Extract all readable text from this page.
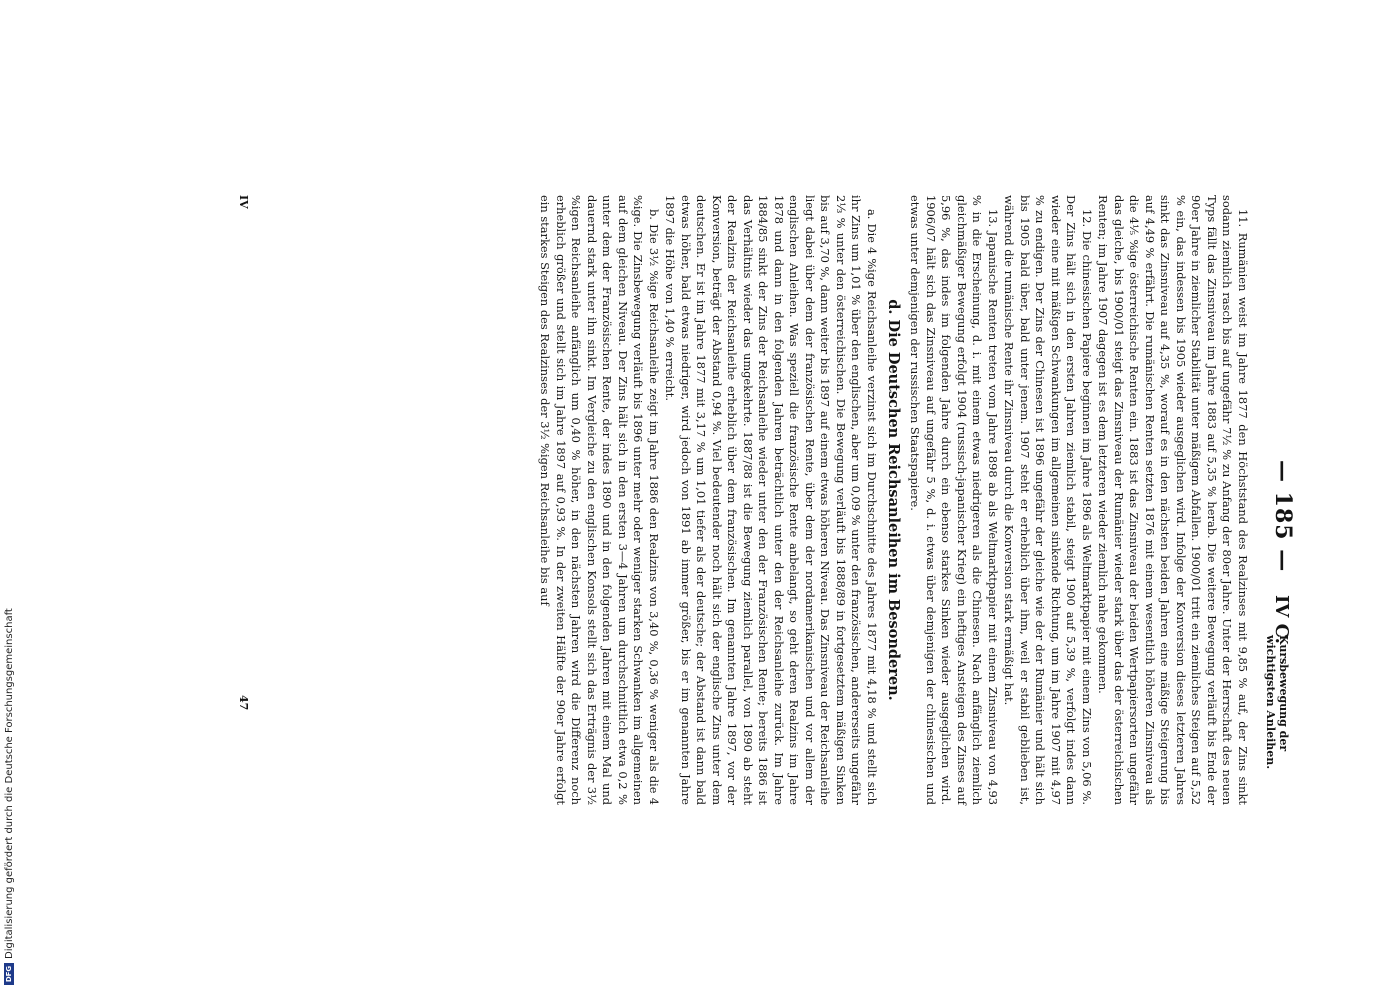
— 185 —
IV C.
Kursbewegung der wichtigsten Anleihen.

11. Rumänien weist im Jahre 1877 den Höchststand des Realzinses mit 9,85 % auf, der Zins sinkt sodann ziemlich rasch bis auf ungefähr 7½ % zu Anfang der 80er Jahre. Unter der Herrschaft des neuen Typs fällt das Zinsniveau im Jahre 1883 auf 5,35 % herab. Die weitere Bewegung verläuft bis Ende der 90er Jahre in ziemlicher Stabilität unter mäßigem Abfallen. 1900/01 tritt ein ziemliches Steigen auf 5,52 % ein, das indessen bis 1905 wieder ausgeglichen wird. Infolge der Konversion dieses letzteren Jahres sinkt das Zinsniveau auf 4,35 %, worauf es in den nächsten beiden Jahren eine mäßige Steigerung bis auf 4,49 % erfährt. Die rumänischen Renten setzten 1876 mit einem wesentlich höheren Zinsniveau als die 4⅕ %ige österreichische Renten ein. 1883 ist das Zinsniveau der beiden Wertpapiersorten ungefähr das gleiche, bis 1900/01 steigt das Zinsniveau der Rumänier wieder stark über das der österreichischen Renten; im Jahre 1907 dagegen ist es dem letzteren wieder ziemlich nahe gekommen.

12. Die chinesischen Papiere beginnen im Jahre 1896 als Weltmarktpapier mit einem Zins von 5,06 %. Der Zins hält sich in den ersten Jahren ziemlich stabil, steigt 1900 auf 5,39 %, verfolgt indes dann wieder eine mit mäßigen Schwankungen im allgemeinen sinkende Richtung, um im Jahre 1907 mit 4,97 % zu endigen. Der Zins der Chinesen ist 1896 ungefähr der gleiche wie der der Rumänier und hält sich bis 1905 bald über, bald unter jenem. 1907 steht er erheblich über ihm, weil er stabil geblieben ist, während die rumänische Rente ihr Zinsniveau durch die Konversion stark ermäßigt hat.

13. Japanische Renten treten vom Jahre 1898 ab als Weltmarktpapier mit einem Zinsniveau von 4,93 % in die Erscheinung, d. i. mit einem etwas niedrigeren als die Chinesen. Nach anfänglich ziemlich gleichmäßiger Bewegung erfolgt 1904 (russisch-japanischer Krieg) ein heftiges Ansteigen des Zinses auf 5,96 %, das indes im folgenden Jahre durch ein ebenso starkes Sinken wieder ausgeglichen wird. 1906/07 hält sich das Zinsniveau auf ungefähr 5 %, d. i. etwas über demjenigen der chinesischen und etwas unter demjenigen der russischen Staatspapiere.

d. Die Deutschen Reichsanleihen im Besonderen.

a. Die 4 %ige Reichsanleihe verzinst sich im Durchschnitte des Jahres 1877 mit 4,18 % und stellt sich ihr Zins um 1,01 % über den englischen, aber um 0,09 % unter den französischen, andererseits ungefähr 2⅓ % unter den österreichischen. Die Bewegung verläuft bis 1888/89 in fortgesetztem mäßigen Sinken bis auf 3,70 %, dann weiter bis 1897 auf einem etwas höheren Niveau. Das Zinsniveau der Reichsanleihe liegt dabei über dem der französischen Rente, über dem der nordamerikanischen und vor allem der englischen Anleihen. Was speziell die französische Rente anbelangt, so geht deren Realzins im Jahre 1878 und dann in den folgenden Jahren beträchtlich unter den der Reichsanleihe zurück. Im Jahre 1884/85 sinkt der Zins der Reichsanleihe wieder unter den der Französischen Rente; bereits 1886 ist das Verhältnis wieder das umgekehrte. 1887/88 ist die Bewegung ziemlich parallel, von 1890 ab steht der Realzins der Reichsanleihe erheblich über dem französischen. Im genannten Jahre 1897, vor der Konversion, beträgt der Abstand 0,94 %. Viel bedeutender noch hält sich der englische Zins unter dem deutschen. Er ist im Jahre 1877 mit 3,17 % um 1,01 tiefer als der deutsche; der Abstand ist dann bald etwas höher, bald etwas niedriger, wird jedoch von 1891 ab immer größer, bis er im genannten Jahre 1897 die Höhe von 1,40 % erreicht.

b. Die 3½ %ige Reichsanleihe zeigt im Jahre 1886 den Realzins von 3,40 %, 0,36 % weniger als die 4 %ige. Die Zinsbewegung verläuft bis 1896 unter mehr oder weniger starken Schwanken im allgemeinen auf dem gleichen Niveau. Der Zins hält sich in den ersten 3—4 Jahren um durchschnittlich etwa 0,2 % unter dem der Französischen Rente, der indes 1890 und in den folgenden Jahren mit einem Mal und dauernd stark unter ihn sinkt. Im Vergleiche zu den englischen Konsols stellt sich das Erträgnis der 3½ %igen Reichsanleihe anfänglich um 0,40 % höher, in den nächsten Jahren wird die Differenz noch erheblich größer und stellt sich im Jahre 1897 auf 0,93 %. In der zweiten Hälfte der 90er Jahre erfolgt ein starkes Steigen des Realzinses der 3½ %igen Reichsanleihe bis auf

IV
47
DFGDigitalisierung gefördert durch die Deutsche Forschungsgemeinschaft
